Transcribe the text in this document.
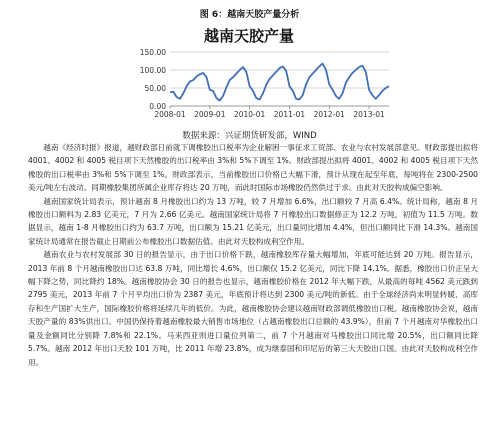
图 6：越南天胶产量分析
越南天胶产量
150.00
100.00
50.00
0.00
2008-01 2009-01 2010-01 2011-01 2012-01 2013-01
数据来源：兴证期货研发部，WIND

越南《经济时报》报道，越财政部日前就下调橡胶出口税率为企业解困一事征求工贸部、农业与农村发展部意见。财政部提出拟将 4001、4002 和 4005 税目项下天然橡胶的出口税率由 3%和 5%下调至 1%。财政部提出拟将 4001、4002 和 4005 税目项下天然橡胶的出口税率由 3%和 5%下调至 1%。财政部表示，当前橡胶出口价格已大幅下滑，预计从现在起至年底，每吨将在 2300-2500 美元/吨左右波动。同期橡胶集团所属企业库存将达 20 万吨，而此时国际市场橡胶仍然供过于求。由此对天胶构成偏空影响。

越南国家统计局表示，预计越南 8 月橡胶出口约为 13 万吨，较 7 月增加 6.6%，出口额较 7 月高 6.4%。统计局称，越南 8 月橡胶出口额料为 2.83 亿美元，7 月为 2.66 亿美元。越南国家统计局将 7 月橡胶出口数据修正为 12.2 万吨，初值为 11.5 万吨。数据显示，越南 1-8 月橡胶出口约为 63.7 万吨，出口额为 15.21 亿美元，出口量同比增加 4.4%，但出口额同比下滑 14.3%。越南国家统计局通常在报告截止日期前公布橡胶出口数据估值。由此对天胶构成利空作用。

越南农业与农村发展部 30 日的报告显示，由于出口价格下跌，越南橡胶库存量大幅增加，年底可能达到 20 万吨。报告显示，2013 年前 8 个月越南橡胶出口达 63.8 万吨，同比增长 4.6%，出口额仅 15.2 亿美元，同比下降 14.1%。据悉，橡胶出口价正呈大幅下降之势，同比降约 18%。越南橡胶协会 30 日的报告也显示，越南橡胶价格在 2012 年大幅下跌，从最高的每吨 4562 美元跌到 2795 美元，2013 年前 7 个月平均出口价为 2387 美元，年底预计将达到 2300 美元/吨的新低。由于全球经济尚未明显转暖、高库存和生产国扩大生产，国际橡胶价格将延续几年的低价。为此，越南橡胶协会建议越南财政部调低橡胶出口税。越南橡胶协会说，越南天胶产量的 83%供出口。中国仍保持着越南橡胶最大销售市场地位（占越南橡胶出口总额的 43.9%），但前 7 个月越南对华橡胶出口量及金额同比分别降 7.8%和 22.1%。马来西亚则进口量位列第二，前 7 个月越南对马橡胶出口同比增 20.5%，出口额同比降 5.7%。越南 2012 年出口天胶 101 万吨，比 2011 年增 23.8%，成为继泰国和印尼后的第三大天胶出口国。由此对天胶构成利空作用。
